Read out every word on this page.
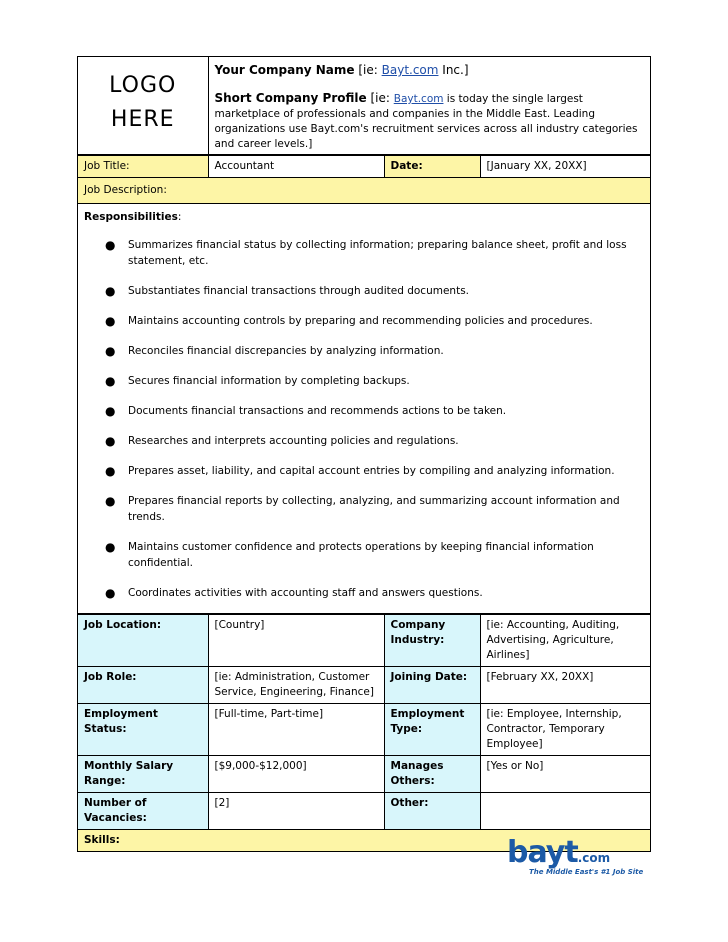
LOGO
HERE

Your Company Name [ie: Bayt.com Inc.]
Short Company Profile [ie: Bayt.com is today the single largest marketplace of professionals and companies in the Middle East. Leading organizations use Bayt.com's recruitment services across all industry categories and career levels.]
Job Title:	Accountant	Date:	[January XX, 20XX]
Job Description:

Responsibilities:
● Summarizes financial status by collecting information; preparing balance sheet, profit and loss statement, etc.
● Substantiates financial transactions through audited documents.
● Maintains accounting controls by preparing and recommending policies and procedures.
● Reconciles financial discrepancies by analyzing information.
● Secures financial information by completing backups.
● Documents financial transactions and recommends actions to be taken.
● Researches and interprets accounting policies and regulations.
● Prepares asset, liability, and capital account entries by compiling and analyzing information.
● Prepares financial reports by collecting, analyzing, and summarizing account information and trends.
● Maintains customer confidence and protects operations by keeping financial information confidential.
● Coordinates activities with accounting staff and answers questions.
Job Location:	[Country]	Company Industry:	[ie: Accounting, Auditing, Advertising, Agriculture, Airlines]
Job Role:	[ie: Administration, Customer Service, Engineering, Finance]	Joining Date:	[February XX, 20XX]
Employment Status:	[Full-time, Part-time]	Employment Type:	[ie: Employee, Internship, Contractor, Temporary Employee]
Monthly Salary Range:	[$9,000-$12,000]	Manages Others:	[Yes or No]
Number of Vacancies:	[2]	Other:	
Skills:				bayt.com
The Middle East's #1 Job Site
